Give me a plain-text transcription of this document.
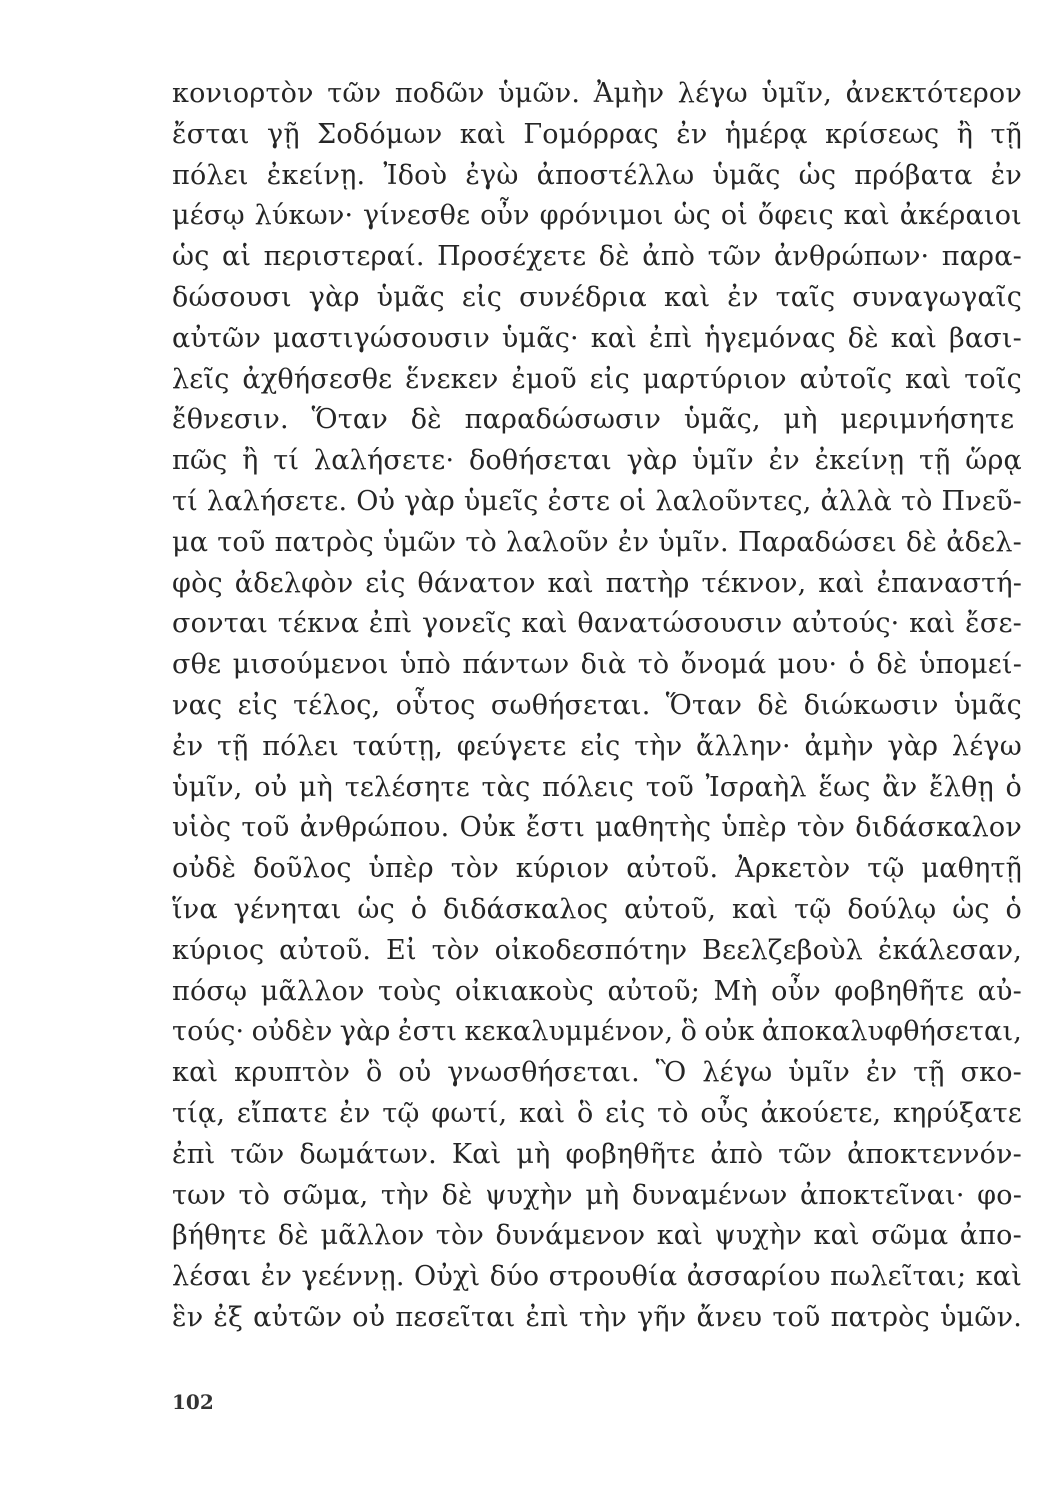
κονιορτὸν τῶν ποδῶν ὑμῶν. Ἀμὴν λέγω ὑμῖν, ἀνεκτότερον
ἔσται γῇ Σοδόμων καὶ Γομόρρας ἐν ἡμέρᾳ κρίσεως ἢ τῇ
πόλει ἐκείνῃ. Ἰδοὺ ἐγὼ ἀποστέλλω ὑμᾶς ὡς πρόβατα ἐν
μέσῳ λύκων· γίνεσθε οὖν φρόνιμοι ὡς οἱ ὄφεις καὶ ἀκέραιοι
ὡς αἱ περιστεραί. Προσέχετε δὲ ἀπὸ τῶν ἀνθρώπων· παρα-
δώσουσι γὰρ ὑμᾶς εἰς συνέδρια καὶ ἐν ταῖς συναγωγαῖς
αὐτῶν μαστιγώσουσιν ὑμᾶς· καὶ ἐπὶ ἡγεμόνας δὲ καὶ βασι-
λεῖς ἀχθήσεσθε ἕνεκεν ἐμοῦ εἰς μαρτύριον αὐτοῖς καὶ τοῖς
ἔθνεσιν. Ὅταν δὲ παραδώσωσιν ὑμᾶς, μὴ μεριμνήσητε
πῶς ἢ τί λαλήσετε· δοθήσεται γὰρ ὑμῖν ἐν ἐκείνῃ τῇ ὥρᾳ
τί λαλήσετε. Οὐ γὰρ ὑμεῖς ἐστε οἱ λαλοῦντες, ἀλλὰ τὸ Πνεῦ-
μα τοῦ πατρὸς ὑμῶν τὸ λαλοῦν ἐν ὑμῖν. Παραδώσει δὲ ἀδελ-
φὸς ἀδελφὸν εἰς θάνατον καὶ πατὴρ τέκνον, καὶ ἐπαναστή-
σονται τέκνα ἐπὶ γονεῖς καὶ θανατώσουσιν αὐτούς· καὶ ἔσε-
σθε μισούμενοι ὑπὸ πάντων διὰ τὸ ὄνομά μου· ὁ δὲ ὑπομεί-
νας εἰς τέλος, οὗτος σωθήσεται. Ὅταν δὲ διώκωσιν ὑμᾶς
ἐν τῇ πόλει ταύτῃ, φεύγετε εἰς τὴν ἄλλην· ἀμὴν γὰρ λέγω
ὑμῖν, οὐ μὴ τελέσητε τὰς πόλεις τοῦ Ἰσραὴλ ἕως ἂν ἔλθῃ ὁ
υἱὸς τοῦ ἀνθρώπου. Οὐκ ἔστι μαθητὴς ὑπὲρ τὸν διδάσκαλον
οὐδὲ δοῦλος ὑπὲρ τὸν κύριον αὐτοῦ. Ἀρκετὸν τῷ μαθητῇ
ἵνα γένηται ὡς ὁ διδάσκαλος αὐτοῦ, καὶ τῷ δούλῳ ὡς ὁ
κύριος αὐτοῦ. Εἰ τὸν οἰκοδεσπότην Βεελζεβοὺλ ἐκάλεσαν,
πόσῳ μᾶλλον τοὺς οἰκιακοὺς αὐτοῦ; Μὴ οὖν φοβηθῆτε αὐ-
τούς· οὐδὲν γὰρ ἐστι κεκαλυμμένον, ὃ οὐκ ἀποκαλυφθήσεται,
καὶ κρυπτὸν ὃ οὐ γνωσθήσεται. Ὃ λέγω ὑμῖν ἐν τῇ σκο-
τίᾳ, εἴπατε ἐν τῷ φωτί, καὶ ὃ εἰς τὸ οὖς ἀκούετε, κηρύξατε
ἐπὶ τῶν δωμάτων. Καὶ μὴ φοβηθῆτε ἀπὸ τῶν ἀποκτεννόν-
των τὸ σῶμα, τὴν δὲ ψυχὴν μὴ δυναμένων ἀποκτεῖναι· φο-
βήθητε δὲ μᾶλλον τὸν δυνάμενον καὶ ψυχὴν καὶ σῶμα ἀπο-
λέσαι ἐν γεέννῃ. Οὐχὶ δύο στρουθία ἀσσαρίου πωλεῖται; καὶ
ἓν ἐξ αὐτῶν οὐ πεσεῖται ἐπὶ τὴν γῆν ἄνευ τοῦ πατρὸς ὑμῶν.
102
